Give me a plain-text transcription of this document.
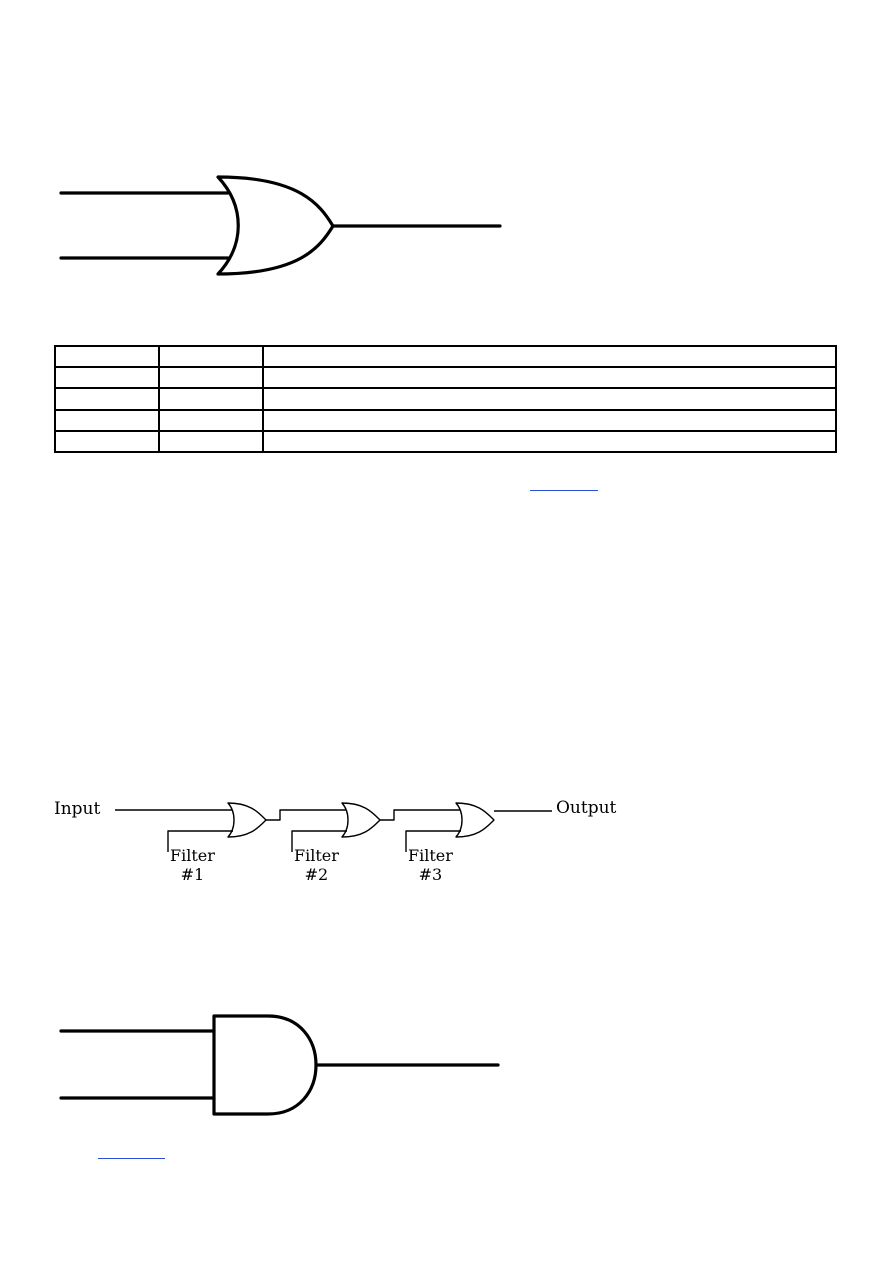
Input	Output
Filter
#1
Filter
#2
Filter
#3
